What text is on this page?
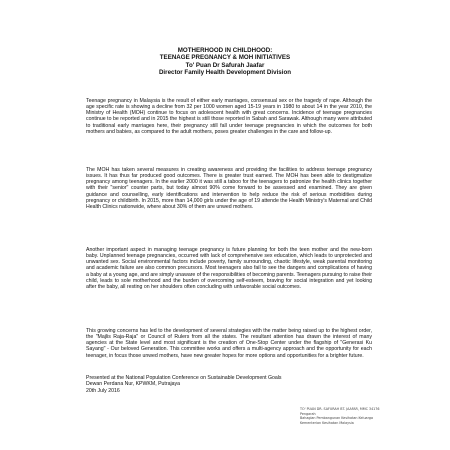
MOTHERHOOD IN CHILDHOOD:
TEENAGE PREGNANCY & MOH INITIATIVES
To' Puan Dr Safurah Jaafar
Director Family Health Development Division

Teenage pregnancy in Malaysia is the result of either early marriages, consensual sex or the tragedy of rape. Although the age specific rate is showing a decline from 32 per 1000 women aged 15-19 years in 1980 to about 14 in the year 2010, the Ministry of Health (MOH) continue to focus on adolescent health with great concerns. Incidence of teenage pregnancies continue to be reported and in 2015 the highest is still those reported in Sabah and Sarawak. Although many were attributed to traditional early marriages here, their pregnancy still fall under teenage pregnancies in which the outcomes for both mothers and babies, as compared to the adult mothers, poses greater challenges in the care and follow-up.

The MOH has taken several measures in creating awareness and providing the facilities to address teenage pregnancy issues. It has thus far produced good outcomes. There is greater trust earned. The MOH has been able to destigmatize pregnancy among teenagers. In the earlier 2000 it was still a taboo for the teenagers to patronize the health clinics together with their "senior" counter parts, but today almost 90% come forward to be assessed and examined. They are given guidance and counselling, early identifications and intervention to help reduce the risk of serious morbidities during pregnancy or childbirth. In 2015, more than 14,000 girls under the age of 19 attende the Health Ministry's Maternal and Child Health Clinics nationwide, where about 30% of them are unwed mothers.

Another important aspect in managing teenage pregnancy is future planning for both the teen mother and the new-born baby. Unplanned teenage pregnancies, occurred with lack of comprehensive sex education, which leads to unprotected and unwanted sex. Social environmental factors include poverty, family surrounding, chaotic lifestyle, weak parental monitoring and academic failure are also common precursors. Most teenagers also fail to see the dangers and complications of having a baby at a young age, and are simply unaware of the responsibilities of becoming parents. Teenagers pursuing to raise their child, leads to sole motherhood and the burden of overcoming self-esteem, braving for social integration and yet looking after the baby, all resting on her shoulders often concluding with unfavorable social outcomes.

This growing concerns has led to the development of several strategies with the matter being raised up to the highest order, the "Majlis Raja-Raja" or Council of Rulers from all the states. The resultant attention has drawn the interest of many agencies at the State level and most significant is the creation of One-Stop Center under the flagship of "Generasi Ku Sayang" - Our beloved Generation. This committee works and offers a multi-agency approach and the opportunity for each teenager, in focus those unwed mothers, have new greater hopes for more options and opportunities for a brighter future.

Presented at the National Population Conference on Sustainable Development Goals
Dewan Perdana Nur, KPWKM, Putrajaya
20th July 2016
TO' PUAN DR. SAFURAH BT. JAAFAR, MMC 34176
Pengarah
Bahagian Pembangunan Kesihatan Keluarga
Kementerian Kesihatan Malaysia
